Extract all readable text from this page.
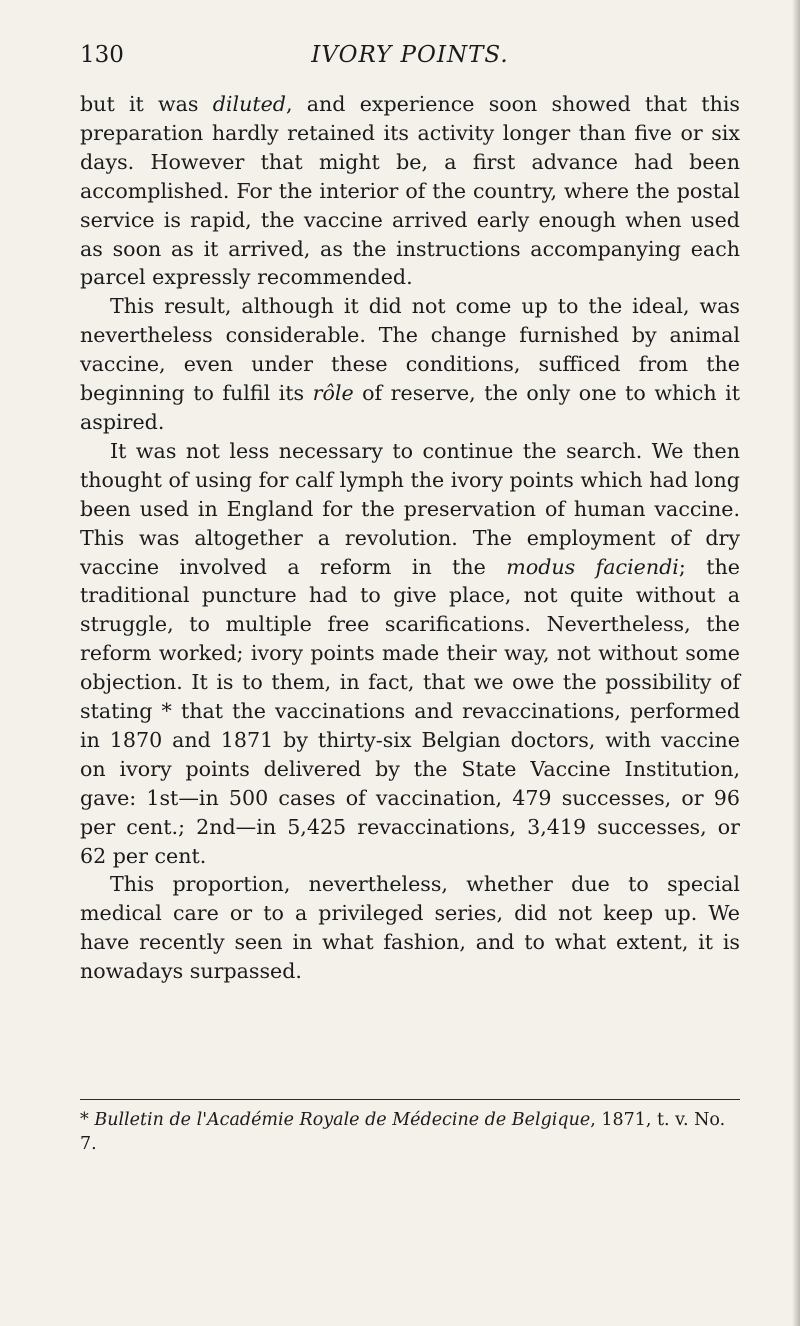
130	IVORY POINTS.

but it was diluted, and experience soon showed that this preparation hardly retained its activity longer than five or six days. However that might be, a first advance had been accomplished. For the interior of the country, where the postal service is rapid, the vaccine arrived early enough when used as soon as it arrived, as the instructions accompanying each parcel expressly recommended.

This result, although it did not come up to the ideal, was nevertheless considerable. The change furnished by animal vaccine, even under these conditions, sufficed from the beginning to fulfil its rôle of reserve, the only one to which it aspired.

It was not less necessary to continue the search. We then thought of using for calf lymph the ivory points which had long been used in England for the preservation of human vaccine. This was altogether a revolution. The employment of dry vaccine involved a reform in the modus faciendi; the traditional puncture had to give place, not quite without a struggle, to multiple free scarifications. Nevertheless, the reform worked; ivory points made their way, not without some objection. It is to them, in fact, that we owe the possibility of stating * that the vaccinations and revaccinations, performed in 1870 and 1871 by thirty-six Belgian doctors, with vaccine on ivory points delivered by the State Vaccine Institution, gave: 1st—in 500 cases of vaccination, 479 successes, or 96 per cent.; 2nd—in 5,425 revaccinations, 3,419 successes, or 62 per cent.

This proportion, nevertheless, whether due to special medical care or to a privileged series, did not keep up. We have recently seen in what fashion, and to what extent, it is nowadays surpassed.

* Bulletin de l'Académie Royale de Médecine de Belgique, 1871, t. v. No. 7.
